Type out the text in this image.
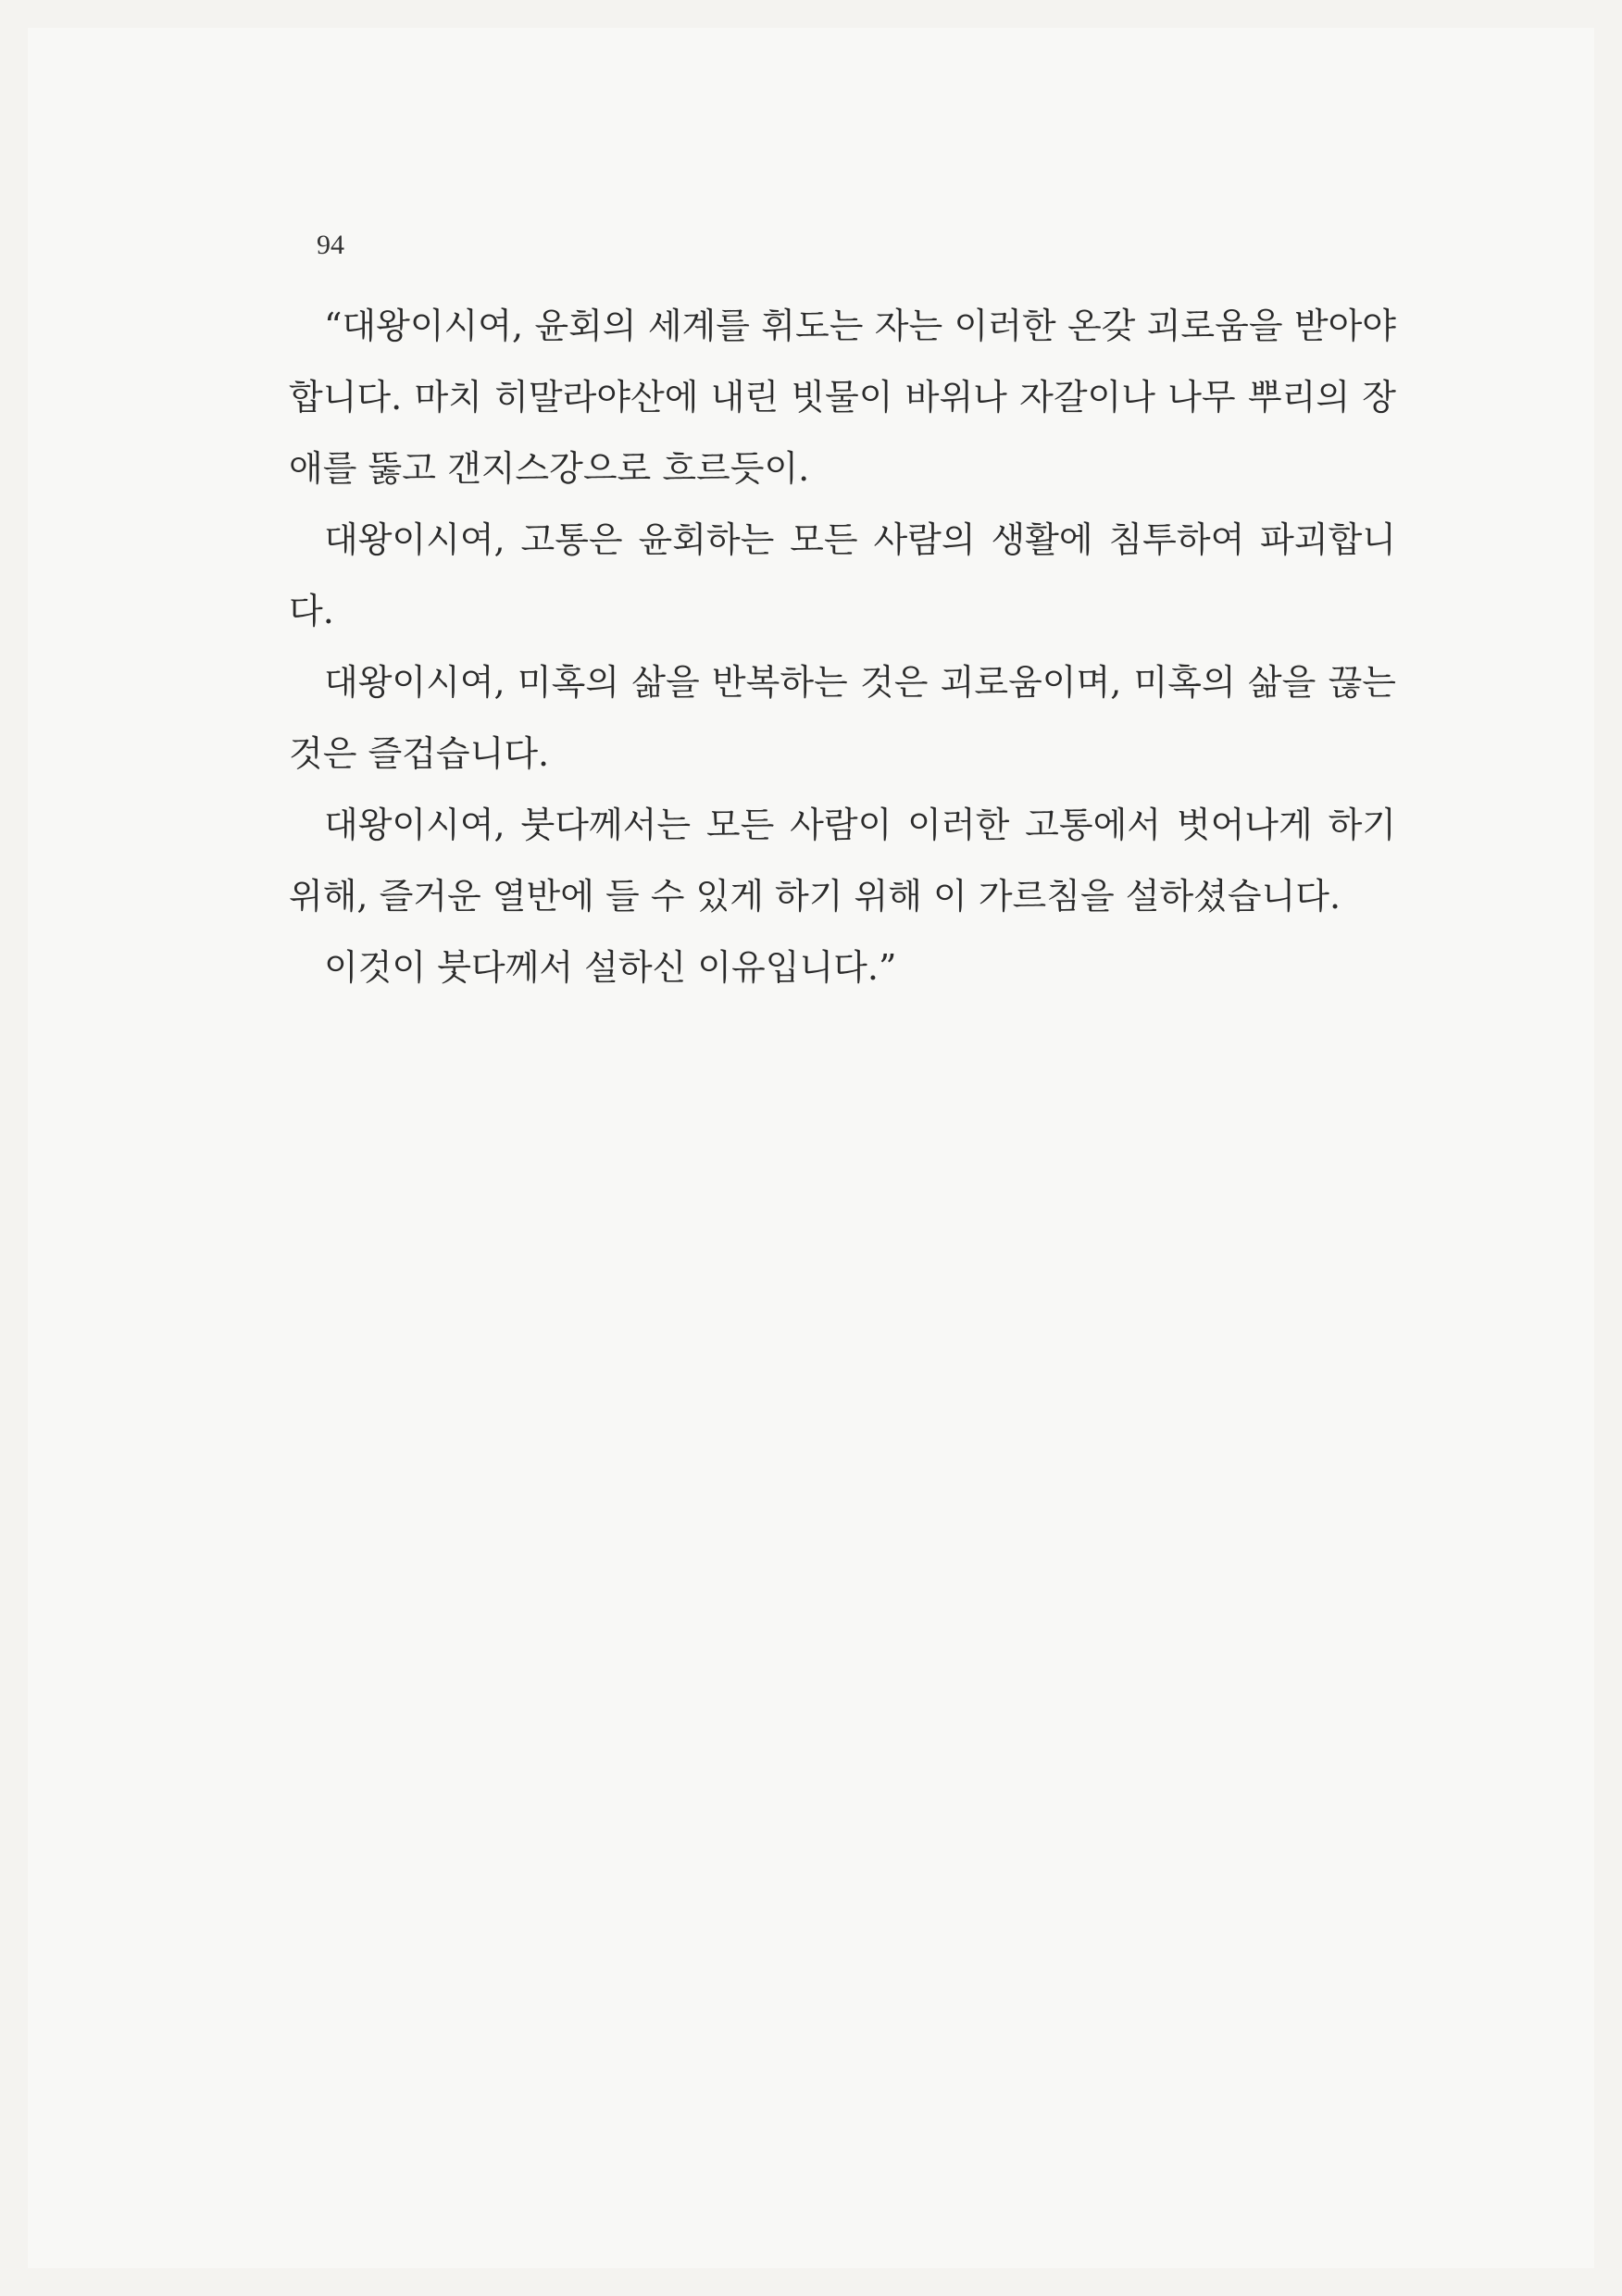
94

“대왕이시여, 윤회의 세계를 휘도는 자는 이러한 온갖 괴로움을 받아야 합니다. 마치 히말라야산에 내린 빗물이 바위나 자갈이나 나무 뿌리의 장애를 뚫고 갠지스강으로 흐르듯이.

대왕이시여, 고통은 윤회하는 모든 사람의 생활에 침투하여 파괴합니다.

대왕이시여, 미혹의 삶을 반복하는 것은 괴로움이며, 미혹의 삶을 끊는 것은 즐겁습니다.

대왕이시여, 붓다께서는 모든 사람이 이러한 고통에서 벗어나게 하기 위해, 즐거운 열반에 들 수 있게 하기 위해 이 가르침을 설하셨습니다.

이것이 붓다께서 설하신 이유입니다.”
